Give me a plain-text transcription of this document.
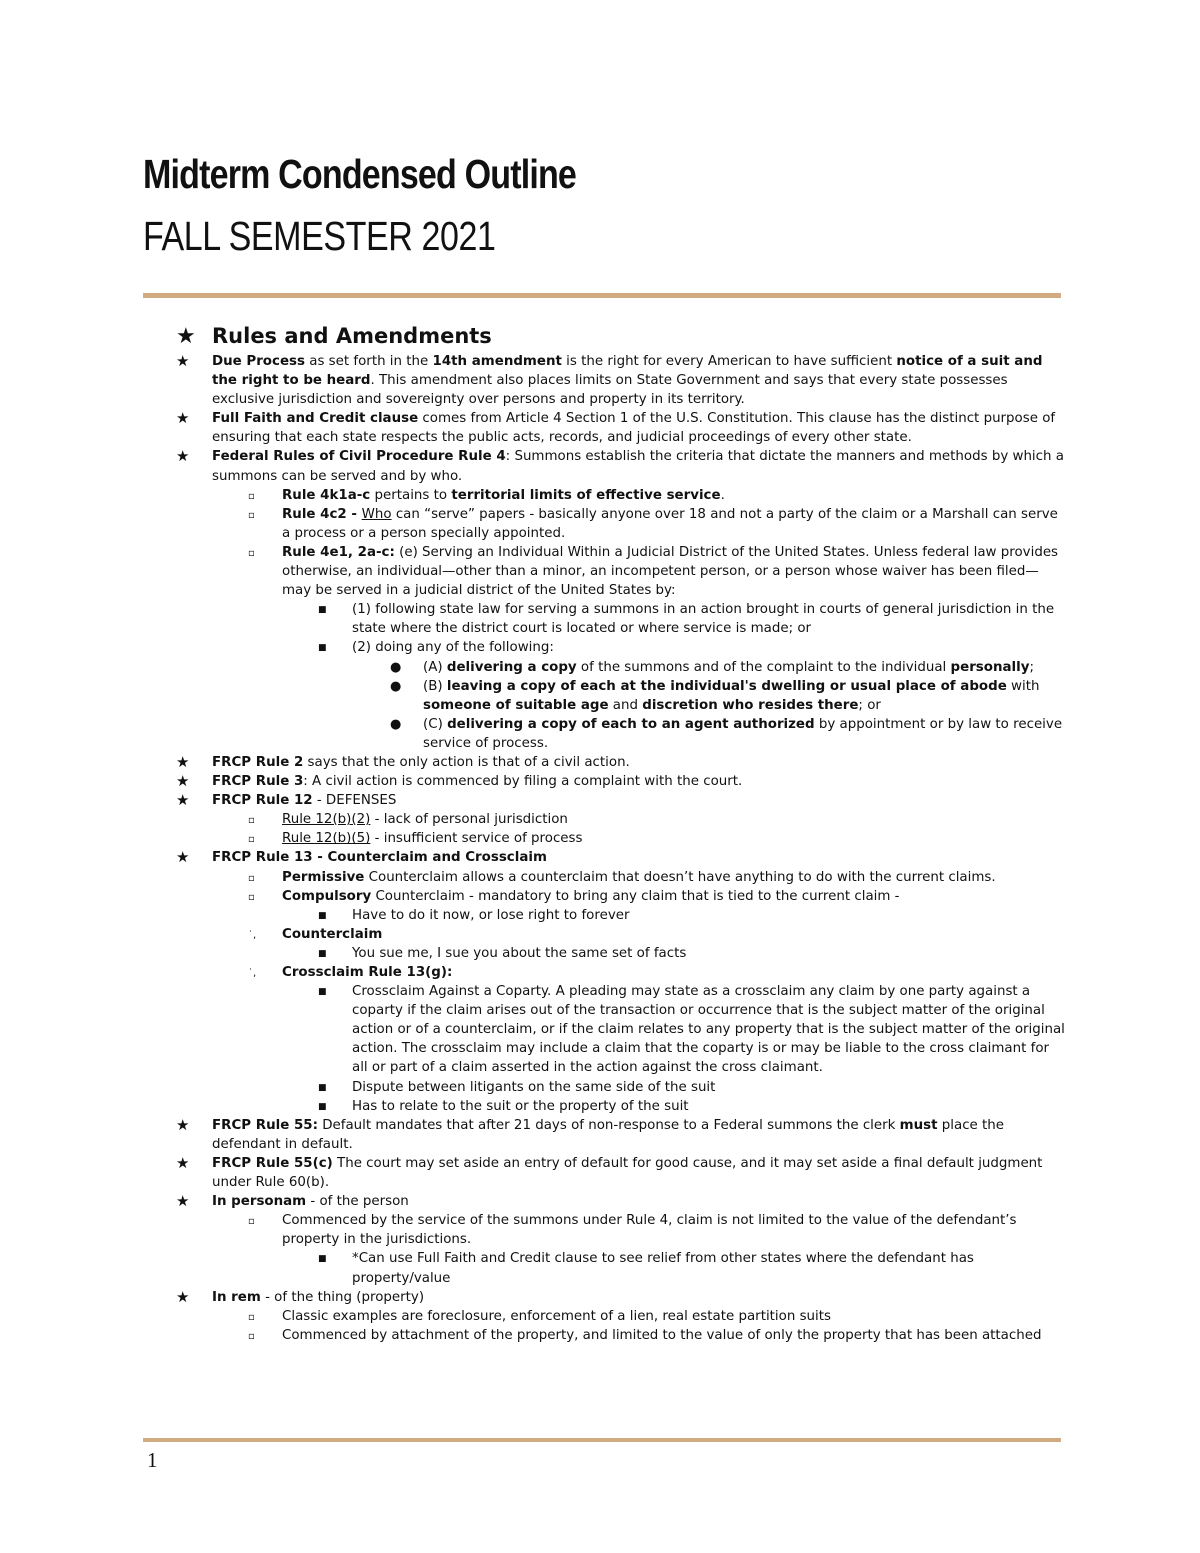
Midterm Condensed Outline
FALL SEMESTER 2021
★ Rules and Amendments
★ Due Process as set forth in the 14th amendment is the right for every American to have sufficient notice of a suit and the right to be heard. This amendment also places limits on State Government and says that every state possesses exclusive jurisdiction and sovereignty over persons and property in its territory.
★ Full Faith and Credit clause comes from Article 4 Section 1 of the U.S. Constitution. This clause has the distinct purpose of ensuring that each state respects the public acts, records, and judicial proceedings of every other state.
★ Federal Rules of Civil Procedure Rule 4: Summons establish the criteria that dictate the manners and methods by which a summons can be served and by who.
▫ Rule 4k1a-c pertains to territorial limits of effective service.
▫ Rule 4c2 - Who can “serve” papers - basically anyone over 18 and not a party of the claim or a Marshall can serve a process or a person specially appointed.
▫ Rule 4e1, 2a-c: (e) Serving an Individual Within a Judicial District of the United States. Unless federal law provides otherwise, an individual—other than a minor, an incompetent person, or a person whose waiver has been filed—may be served in a judicial district of the United States by:
■ (1) following state law for serving a summons in an action brought in courts of general jurisdiction in the state where the district court is located or where service is made; or
■ (2) doing any of the following:
● (A) delivering a copy of the summons and of the complaint to the individual personally;
● (B) leaving a copy of each at the individual's dwelling or usual place of abode with someone of suitable age and discretion who resides there; or
● (C) delivering a copy of each to an agent authorized by appointment or by law to receive service of process.
★ FRCP Rule 2 says that the only action is that of a civil action.
★ FRCP Rule 3: A civil action is commenced by filing a complaint with the court.
★ FRCP Rule 12 - DEFENSES
▫ Rule 12(b)(2) - lack of personal jurisdiction
▫ Rule 12(b)(5) - insufficient service of process
★ FRCP Rule 13 - Counterclaim and Crossclaim
▫ Permissive Counterclaim allows a counterclaim that doesn’t have anything to do with the current claims.
▫ Compulsory Counterclaim - mandatory to bring any claim that is tied to the current claim -
■ Have to do it now, or lose right to forever
˙, Counterclaim
■ You sue me, I sue you about the same set of facts
˙, Crossclaim Rule 13(g):
■ Crossclaim Against a Coparty. A pleading may state as a crossclaim any claim by one party against a coparty if the claim arises out of the transaction or occurrence that is the subject matter of the original action or of a counterclaim, or if the claim relates to any property that is the subject matter of the original action. The crossclaim may include a claim that the coparty is or may be liable to the cross claimant for all or part of a claim asserted in the action against the cross claimant.
■ Dispute between litigants on the same side of the suit
■ Has to relate to the suit or the property of the suit
★ FRCP Rule 55: Default mandates that after 21 days of non-response to a Federal summons the clerk must place the defendant in default.
★ FRCP Rule 55(c) The court may set aside an entry of default for good cause, and it may set aside a final default judgment under Rule 60(b).
★ In personam - of the person
▫ Commenced by the service of the summons under Rule 4, claim is not limited to the value of the defendant’s property in the jurisdictions.
■ *Can use Full Faith and Credit clause to see relief from other states where the defendant has property/value
★ In rem - of the thing (property)
▫ Classic examples are foreclosure, enforcement of a lien, real estate partition suits
▫ Commenced by attachment of the property, and limited to the value of only the property that has been attached
1
